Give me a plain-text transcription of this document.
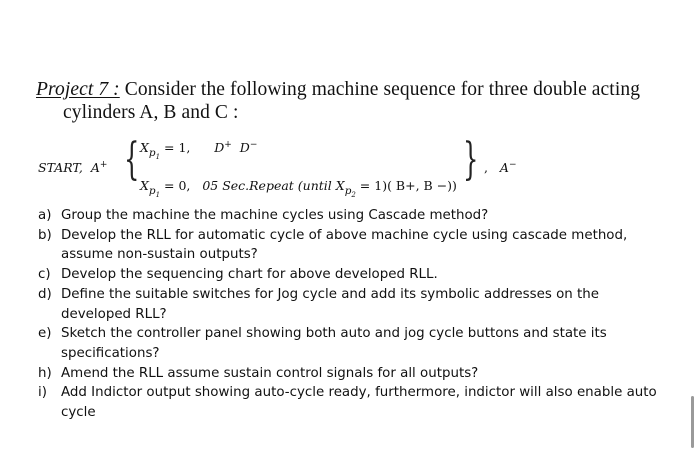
Project 7 : Consider the following machine sequence for three double acting
cylinders A, B and C :
START, A+ { $X_{p_1} = 1$, D+ D−
$X_{p_1} = 0$, 05 Sec.Repeat (until $X_{p_2} = 1$)( B+, B −))
} , A−
a) Group the machine the machine cycles using Cascade method?
b) Develop the RLL for automatic cycle of above machine cycle using cascade method, assume non-sustain outputs?
c) Develop the sequencing chart for above developed RLL.
d) Define the suitable switches for Jog cycle and add its symbolic addresses on the developed RLL?
e) Sketch the controller panel showing both auto and jog cycle buttons and state its specifications?
h) Amend the RLL assume sustain control signals for all outputs?
i) Add Indictor output showing auto-cycle ready, furthermore, indictor will also enable auto cycle
